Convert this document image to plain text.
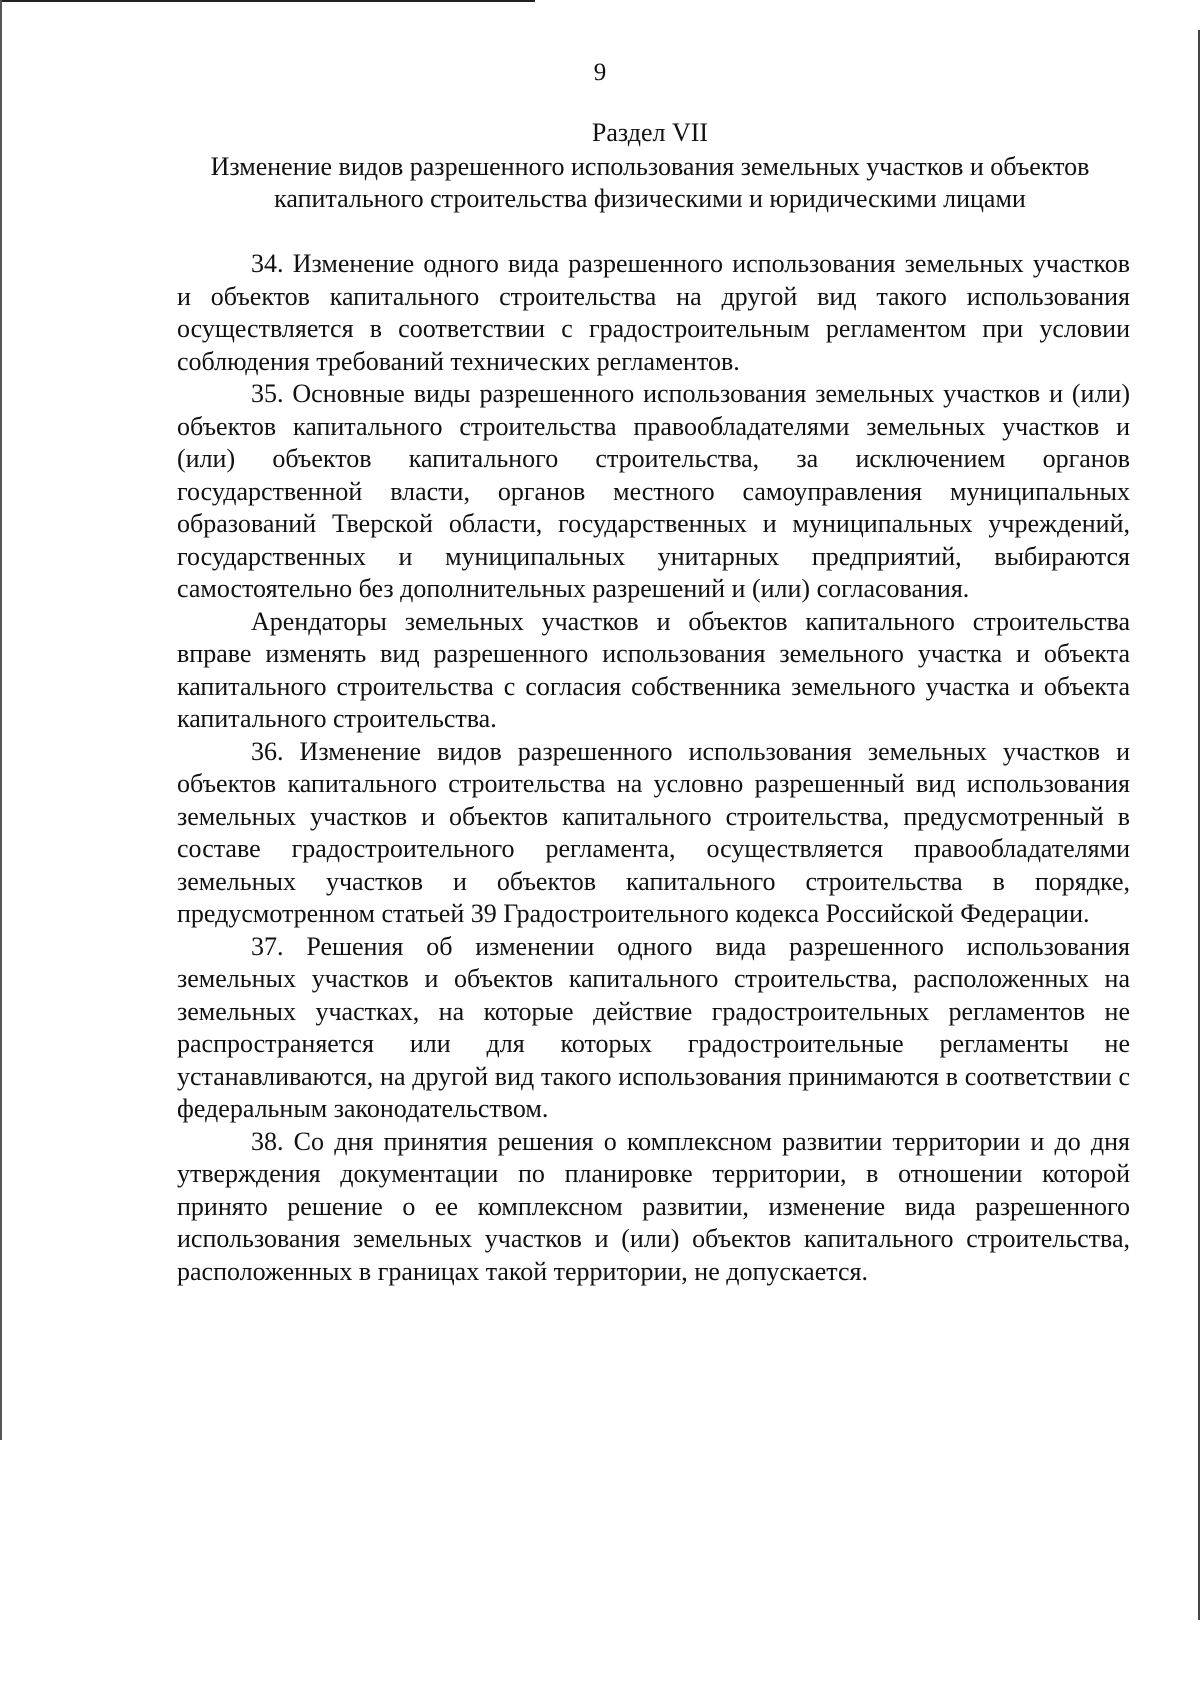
9
Раздел VII
Изменение видов разрешенного использования земельных участков и объектов капитального строительства физическими и юридическими лицами

34. Изменение одного вида разрешенного использования земельных участков и объектов капитального строительства на другой вид такого использования осуществляется в соответствии с градостроительным регламентом при условии соблюдения требований технических регламентов.

35. Основные виды разрешенного использования земельных участков и (или) объектов капитального строительства правообладателями земельных участков и (или) объектов капитального строительства, за исключением органов государственной власти, органов местного самоуправления муниципальных образований Тверской области, государственных и муниципальных учреждений, государственных и муниципальных унитарных предприятий, выбираются самостоятельно без дополнительных разрешений и (или) согласования.

Арендаторы земельных участков и объектов капитального строительства вправе изменять вид разрешенного использования земельного участка и объекта капитального строительства с согласия собственника земельного участка и объекта капитального строительства.

36. Изменение видов разрешенного использования земельных участков и объектов капитального строительства на условно разрешенный вид использования земельных участков и объектов капитального строительства, предусмотренный в составе градостроительного регламента, осуществляется правообладателями земельных участков и объектов капитального строительства в порядке, предусмотренном статьей 39 Градостроительного кодекса Российской Федерации.

37. Решения об изменении одного вида разрешенного использования земельных участков и объектов капитального строительства, расположенных на земельных участках, на которые действие градостроительных регламентов не распространяется или для которых градостроительные регламенты не устанавливаются, на другой вид такого использования принимаются в соответствии с федеральным законодательством.

38. Со дня принятия решения о комплексном развитии территории и до дня утверждения документации по планировке территории, в отношении которой принято решение о ее комплексном развитии, изменение вида разрешенного использования земельных участков и (или) объектов капитального строительства, расположенных в границах такой территории, не допускается.
